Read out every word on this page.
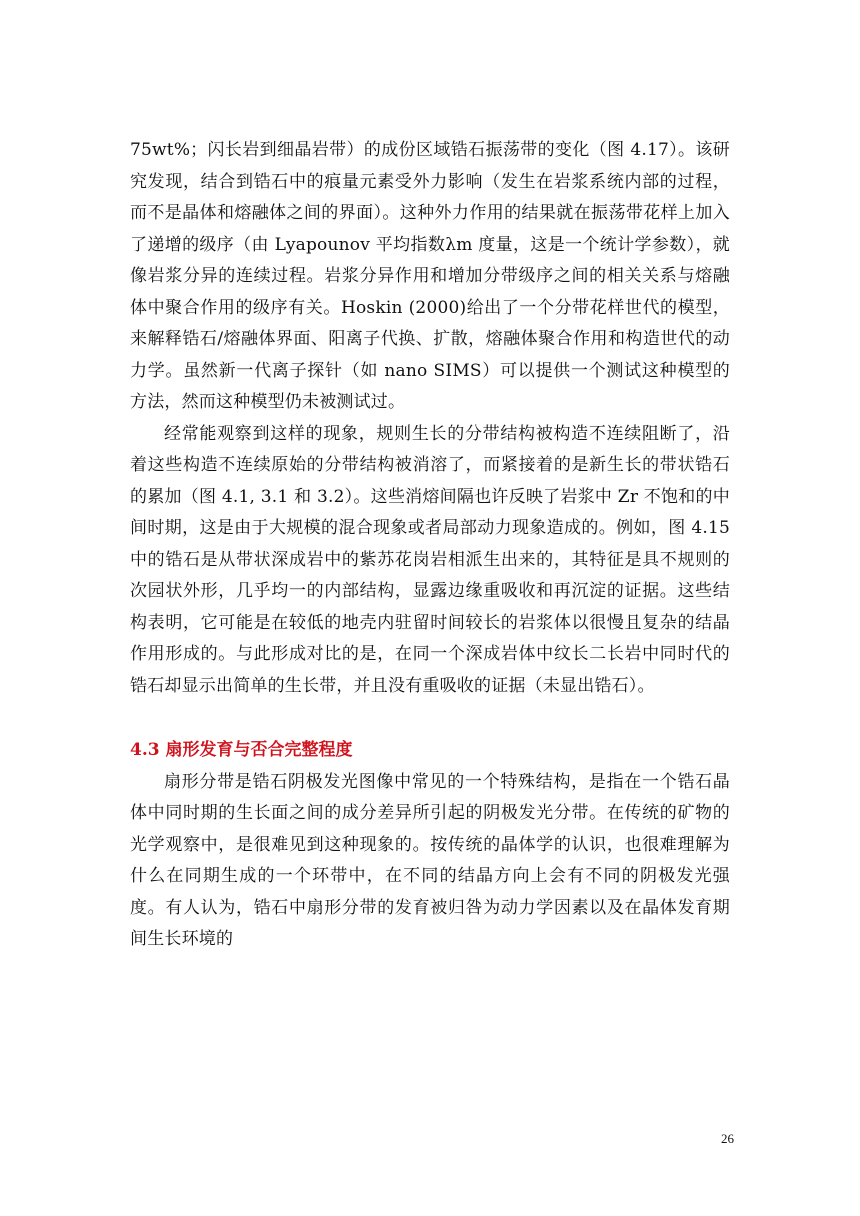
75wt%；闪长岩到细晶岩带）的成份区域锆石振荡带的变化（图 4.17）。该研究发现，结合到锆石中的痕量元素受外力影响（发生在岩浆系统内部的过程，而不是晶体和熔融体之间的界面）。这种外力作用的结果就在振荡带花样上加入了递增的级序（由 Lyapounov 平均指数λm 度量，这是一个统计学参数），就像岩浆分异的连续过程。岩浆分异作用和增加分带级序之间的相关关系与熔融体中聚合作用的级序有关。Hoskin (2000)给出了一个分带花样世代的模型，来解释锆石/熔融体界面、阳离子代换、扩散，熔融体聚合作用和构造世代的动力学。虽然新一代离子探针（如 nano SIMS）可以提供一个测试这种模型的方法，然而这种模型仍未被测试过。

经常能观察到这样的现象，规则生长的分带结构被构造不连续阻断了，沿着这些构造不连续原始的分带结构被消溶了，而紧接着的是新生长的带状锆石的累加（图 4.1, 3.1 和 3.2）。这些消熔间隔也许反映了岩浆中 Zr 不饱和的中间时期，这是由于大规模的混合现象或者局部动力现象造成的。例如，图 4.15 中的锆石是从带状深成岩中的紫苏花岗岩相派生出来的，其特征是具不规则的次园状外形，几乎均一的内部结构，显露边缘重吸收和再沉淀的证据。这些结构表明，它可能是在较低的地壳内驻留时间较长的岩浆体以很慢且复杂的结晶作用形成的。与此形成对比的是，在同一个深成岩体中纹长二长岩中同时代的锆石却显示出简单的生长带，并且没有重吸收的证据（未显出锆石）。

4.3 扇形发育与否合完整程度

扇形分带是锆石阴极发光图像中常见的一个特殊结构，是指在一个锆石晶体中同时期的生长面之间的成分差异所引起的阴极发光分带。在传统的矿物的光学观察中，是很难见到这种现象的。按传统的晶体学的认识，也很难理解为什么在同期生成的一个环带中，在不同的结晶方向上会有不同的阴极发光强度。有人认为，锆石中扇形分带的发育被归咎为动力学因素以及在晶体发育期间生长环境的

26
